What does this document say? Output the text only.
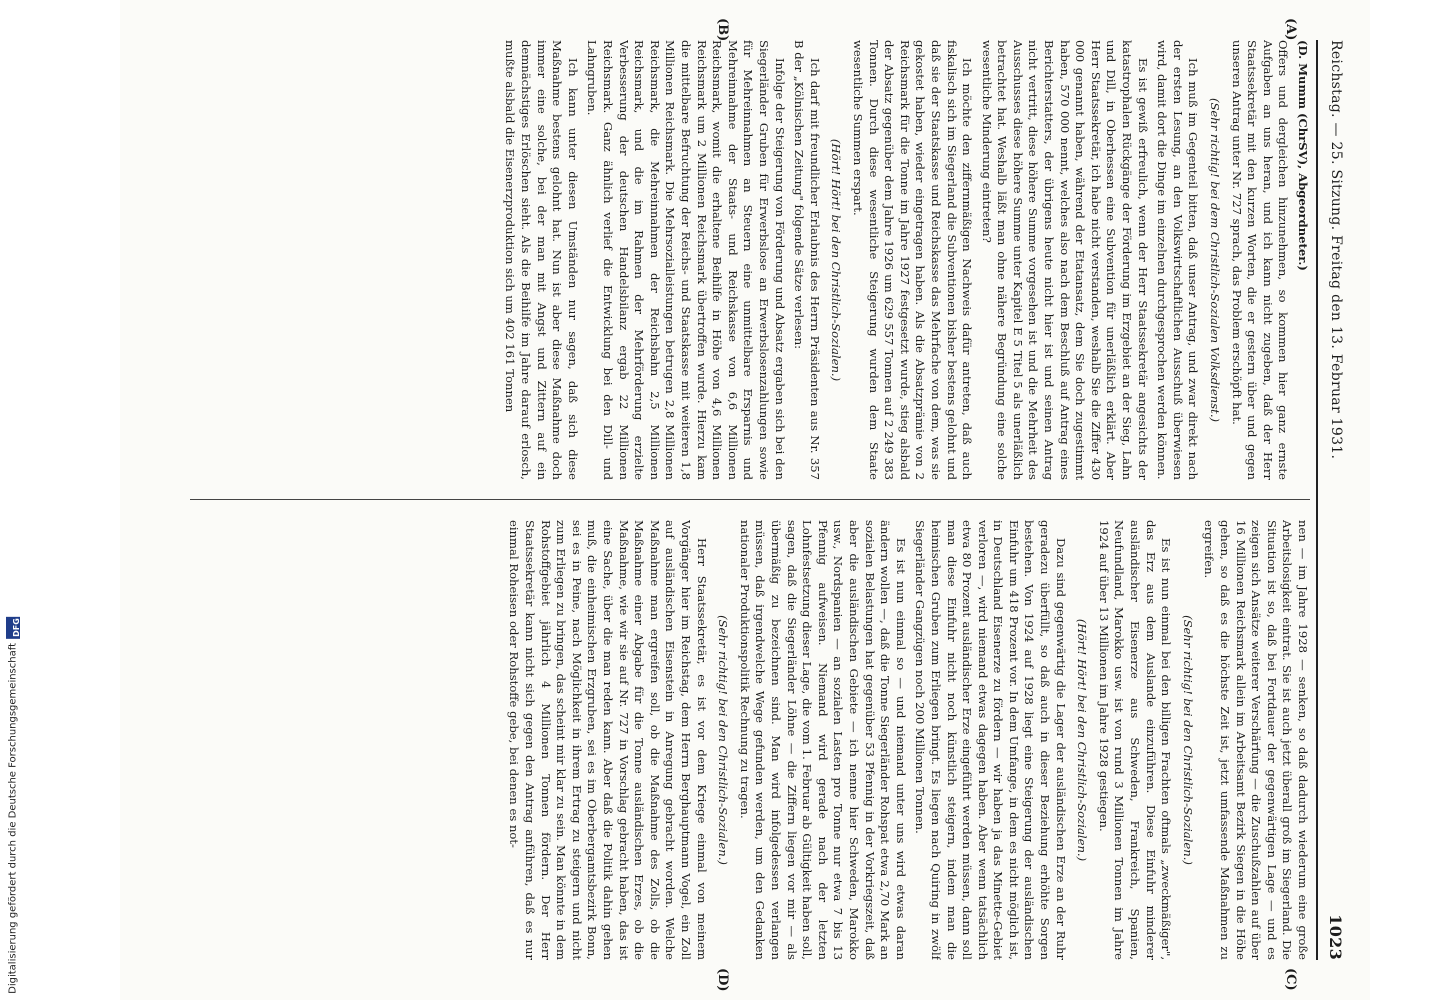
Reichstag. — 25. Sitzung. Freitag den 13. Februar 1931.
1023
(A)
(B)
(C)
(D)

(D. Mumm (ChrSV), Abgeordneter.)

Offers und dergleichen hinzunehmen, so kommen hier ganz ernste Aufgaben an uns heran, und ich kann nicht zugeben, daß der Herr Staatssekretär mit den kurzen Worten, die er gestern über und gegen unseren Antrag unter Nr. 727 sprach, das Problem erschöpft hat.

(Sehr richtig! bei dem Christlich-Sozialen Volksdienst.)

Ich muß im Gegenteil bitten, daß unser Antrag, und zwar direkt nach der ersten Lesung, an den Volkswirtschaftlichen Ausschuß überwiesen wird, damit dort die Dinge im einzelnen durchgesprochen werden können.

Es ist gewiß erfreulich, wenn der Herr Staatssekretär angesichts der katastrophalen Rückgänge der Förderung im Erzgebiet an der Sieg, Lahn und Dill, in Oberhessen eine Subvention für unerläßlich erklärt. Aber Herr Staatssekretär, ich habe nicht verstanden, weshalb Sie die Ziffer 430 000 genannt haben, während der Etatansatz, dem Sie doch zugestimmt haben, 570 000 nennt, welches also nach dem Beschluß auf Antrag eines Berichterstatters, der übrigens heute nicht hier ist und seinen Antrag nicht vertritt, diese höhere Summe vorgesehen ist und die Mehrheit des Ausschusses diese höhere Summe unter Kapitel E 5 Titel 5 als unerläßlich betrachtet hat. Weshalb läßt man ohne nähere Begründung eine solche wesentliche Minderung eintreten?

Ich möchte den ziffernmäßigen Nachweis dafür antreten, daß auch fiskalisch sich im Siegerland die Subventionen bisher bestens gelohnt und daß sie der Staatskasse und Reichskasse das Mehrfache von dem, was sie gekostet haben, wieder eingetragen haben. Als die Absatzprämie von 2 Reichsmark für die Tonne im Jahre 1927 festgesetzt wurde, stieg alsbald der Absatz gegenüber dem Jahre 1926 um 629 557 Tonnen auf 2 249 383 Tonnen. Durch diese wesentliche Steigerung wurden dem Staate wesentliche Summen erspart.

(Hört! Hört! bei den Christlich-Sozialen.)

Ich darf mit freundlicher Erlaubnis des Herrn Präsidenten aus Nr. 357 B der „Kölnischen Zeitung" folgende Sätze verlesen:

Infolge der Steigerung von Förderung und Absatz ergaben sich bei den Siegerländer Gruben für Erwerbslose an Erwerbslosenzahlungen sowie für Mehreinnahmen an Steuern eine unmittelbare Ersparnis und Mehreinnahme der Staats- und Reichskasse von 6,6 Millionen Reichsmark, womit die erhaltene Beihilfe in Höhe von 4,6 Millionen Reichsmark um 2 Millionen Reichsmark übertroffen wurde. Hierzu kam die mittelbare Befruchtung der Reichs- und Staatskasse mit weiteren 1,8 Millionen Reichsmark. Die Mehrsozialleistungen betrugen 2,8 Millionen Reichsmark, die Mehreinnahmen der Reichsbahn 2,5 Millionen Reichsmark, und die im Rahmen der Mehrförderung erzielte Verbesserung der deutschen Handelsbilanz ergab 22 Millionen Reichsmark. Ganz ähnlich verlief die Entwicklung bei den Dill- und Lahngruben.

Ich kann unter diesen Umständen nur sagen, daß sich diese Maßnahme bestens gelohnt hat. Nun ist aber diese Maßnahme doch immer eine solche, bei der man mit Angst und Zittern auf ein demnächstiges Erlöschen sieht. Als die Beihilfe im Jahre darauf erlosch, mußte alsbald die Eisenerzproduktion sich um 402 161 Tonnen

nen — im Jahre 1928 — senken, so daß dadurch wiederum eine große Arbeitslosigkeit eintrat. Sie ist auch jetzt überall groß im Siegerland. Die Situation ist so, daß bei Fortdauer der gegenwärtigen Lage — und es zeigen sich Ansätze weiterer Verschärfung — die Zuschußzahlen auf über 16 Millionen Reichsmark allein im Arbeitsamt Bezirk Siegen in die Höhe gehen, so daß es die höchste Zeit ist, jetzt umfassende Maßnahmen zu ergreifen.

(Sehr richtig! bei den Christlich-Sozialen.)

Es ist nun einmal bei den billigen Frachten oftmals „zweckmäßiger", das Erz aus dem Auslande einzuführen. Diese Einfuhr minderer ausländischer Eisenerze aus Schweden, Frankreich, Spanien, Neufundland, Marokko usw. ist von rund 3 Millionen Tonnen im Jahre 1924 auf über 13 Millionen im Jahre 1928 gestiegen.

(Hört! Hört! bei den Christlich-Sozialen.)

Dazu sind gegenwärtig die Lager der ausländischen Erze an der Ruhr geradezu überfüllt, so daß auch in dieser Beziehung erhöhte Sorgen bestehen. Von 1924 auf 1928 liegt eine Steigerung der ausländischen Einfuhr um 418 Prozent vor. In dem Umfange, in dem es nicht möglich ist, in Deutschland Eisenerze zu fördern — wir haben ja das Minette-Gebiet verloren —, wird niemand etwas dagegen haben. Aber wenn tatsächlich etwa 80 Prozent ausländischer Erze eingeführt werden müssen, dann soll man diese Einfuhr nicht noch künstlich steigern, indem man die heimischen Gruben zum Erliegen bringt. Es liegen nach Quiring in zwölf Siegerländer Gangzügen noch 200 Millionen Tonnen.

Es ist nun einmal so — und niemand unter uns wird etwas daran ändern wollen —, daß die Tonne Siegerländer Rohspat etwa 2,70 Mark an sozialen Belastungen hat gegenüber 53 Pfennig in der Vorkriegszeit, daß aber die ausländischen Gebiete — ich nenne hier Schweden, Marokko usw., Nordspanien — an sozialen Lasten pro Tonne nur etwa 7 bis 13 Pfennig aufweisen. Niemand wird gerade nach der letzten Lohnfestsetzung dieser Lage, die vom 1. Februar ab Gültigkeit haben soll, sagen, daß die Siegerländer Löhne — die Ziffern liegen vor mir — als übermäßig zu bezeichnen sind. Man wird infolgedessen verlangen müssen, daß irgendwelche Wege gefunden werden, um den Gedanken nationaler Produktionspolitik Rechnung zu tragen.

(Sehr richtig! bei den Christlich-Sozialen.)

Herr Staatssekretär, es ist vor dem Kriege einmal von meinem Vorgänger hier im Reichstag, dem Herrn Berghauptmann Vogel, ein Zoll auf ausländischen Eisenstein in Anregung gebracht worden. Welche Maßnahme man ergreifen soll, ob die Maßnahme des Zolls, ob die Maßnahme einer Abgabe für die Tonne ausländischen Erzes, ob die Maßnahme, wie wir sie auf Nr. 727 in Vorschlag gebracht haben, das ist eine Sache, über die man reden kann. Aber daß die Politik dahin gehen muß, die einheimischen Erzgruben, sei es im Oberbergamtsbezirk Bonn, sei es in Peine, nach Möglichkeit in ihrem Ertrag zu steigern und nicht zum Erliegen zu bringen, das scheint mir klar zu sein. Man könnte in dem Rohstoffgebiet jährlich 4 Millionen Tonnen fördern. Der Herr Staatssekretär kann nicht sich gegen den Antrag anführen, daß es nur einmal Roheisen oder Rohstoffe gebe, bei denen es not-

Digitalisierung gefördert durch die Deutsche Forschungsgemeinschaft
DFG
